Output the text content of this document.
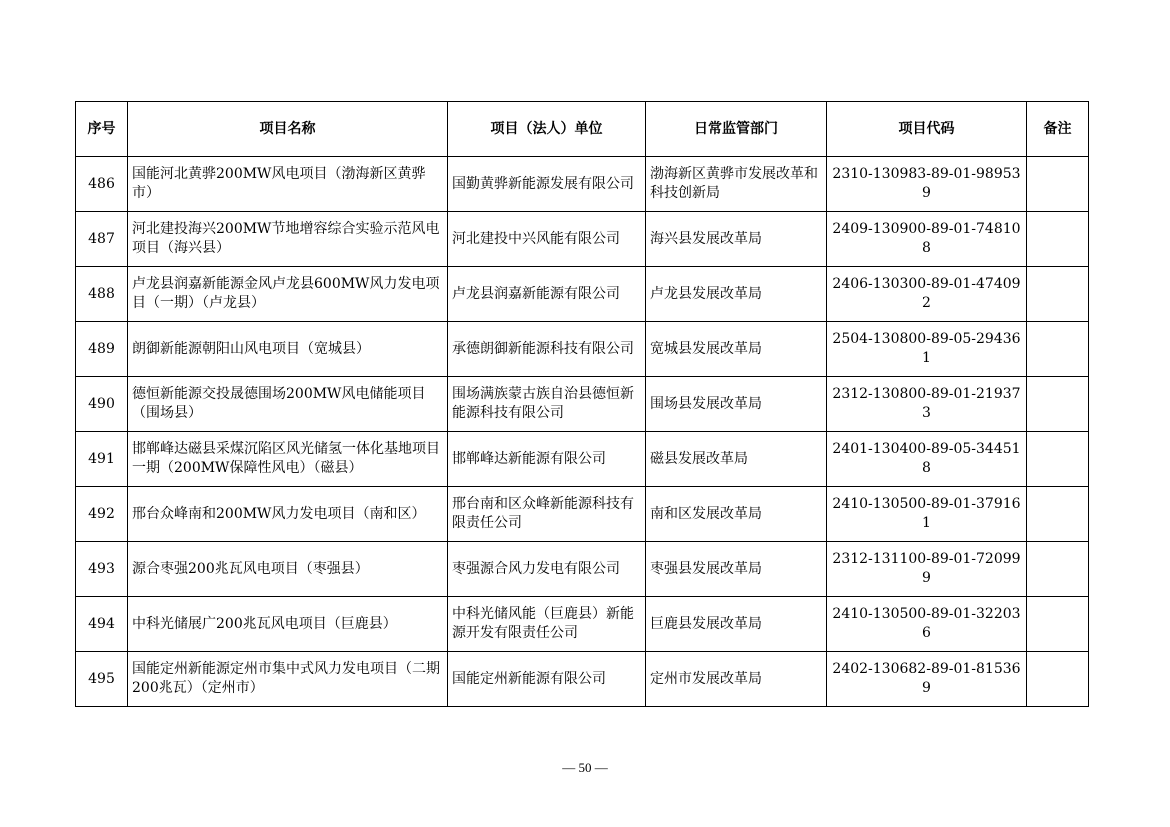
序号	项目名称	项目（法人）单位	日常监管部门	项目代码	备注
486	国能河北黄骅200MW风电项目（渤海新区黄骅市）	国勤黄骅新能源发展有限公司	渤海新区黄骅市发展改革和科技创新局	2310-130983-89-01-989539	
487	河北建投海兴200MW节地增容综合实验示范风电项目（海兴县）	河北建投中兴风能有限公司	海兴县发展改革局	2409-130900-89-01-748108	
488	卢龙县润嘉新能源金风卢龙县600MW风力发电项目（一期）（卢龙县）	卢龙县润嘉新能源有限公司	卢龙县发展改革局	2406-130300-89-01-474092	
489	朗御新能源朝阳山风电项目（宽城县）	承德朗御新能源科技有限公司	宽城县发展改革局	2504-130800-89-05-294361	
490	德恒新能源交投晟德围场200MW风电储能项目（围场县）	围场满族蒙古族自治县德恒新能源科技有限公司	围场县发展改革局	2312-130800-89-01-219373	
491	邯郸峰达磁县采煤沉陷区风光储氢一体化基地项目一期（200MW保障性风电）（磁县）	邯郸峰达新能源有限公司	磁县发展改革局	2401-130400-89-05-344518	
492	邢台众峰南和200MW风力发电项目（南和区）	邢台南和区众峰新能源科技有限责任公司	南和区发展改革局	2410-130500-89-01-379161	
493	源合枣强200兆瓦风电项目（枣强县）	枣强源合风力发电有限公司	枣强县发展改革局	2312-131100-89-01-720999	
494	中科光储展广200兆瓦风电项目（巨鹿县）	中科光储风能（巨鹿县）新能源开发有限责任公司	巨鹿县发展改革局	2410-130500-89-01-322036	
495	国能定州新能源定州市集中式风力发电项目（二期200兆瓦）（定州市）	国能定州新能源有限公司	定州市发展改革局	2402-130682-89-01-815369	
— 50 —
